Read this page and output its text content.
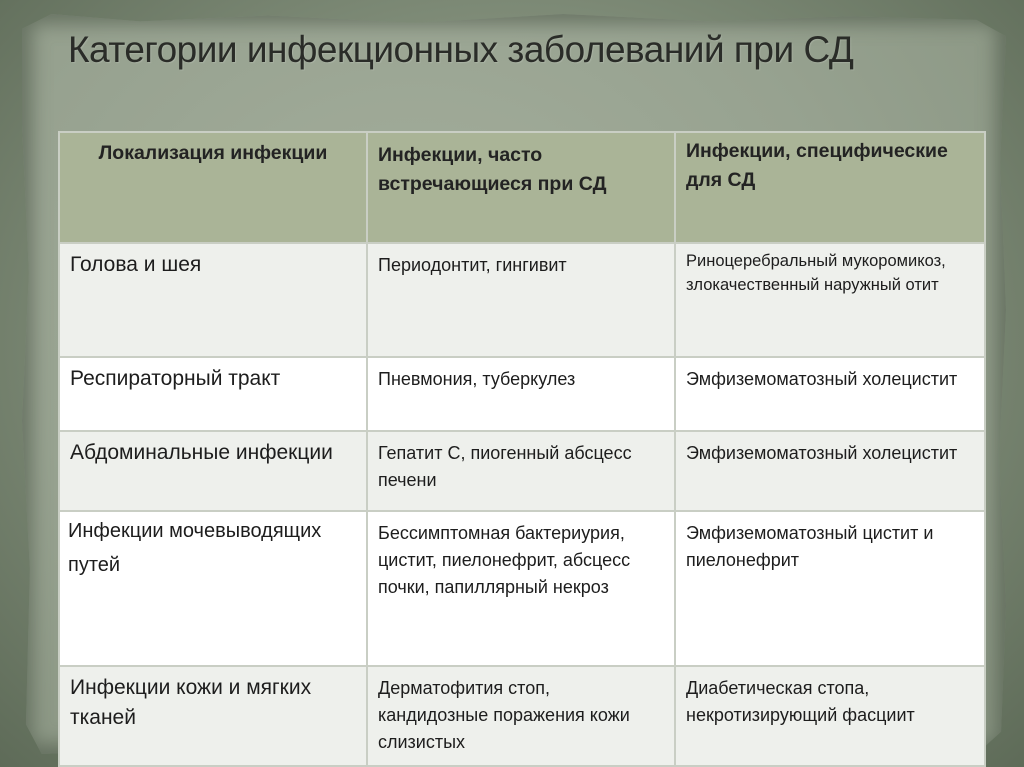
Категории инфекционных заболеваний при СД
Локализация инфекции	Инфекции, часто встречающиеся при СД	Инфекции, специфические для СД
Голова и шея	Периодонтит, гингивит	Риноцеребральный мукоромикоз, злокачественный наружный отит
Респираторный тракт	Пневмония, туберкулез	Эмфиземоматозный холецистит
Абдоминальные инфекции	Гепатит С, пиогенный абсцесс печени	Эмфиземоматозный холецистит
Инфекции мочевыводящих путей	Бессимптомная бактериурия, цистит, пиелонефрит, абсцесс почки, папиллярный некроз	Эмфиземоматозный цистит и пиелонефрит
Инфекции кожи и мягких тканей	Дерматофития стоп, кандидозные поражения кожи слизистых	Диабетическая стопа, некротизирующий фасциит
